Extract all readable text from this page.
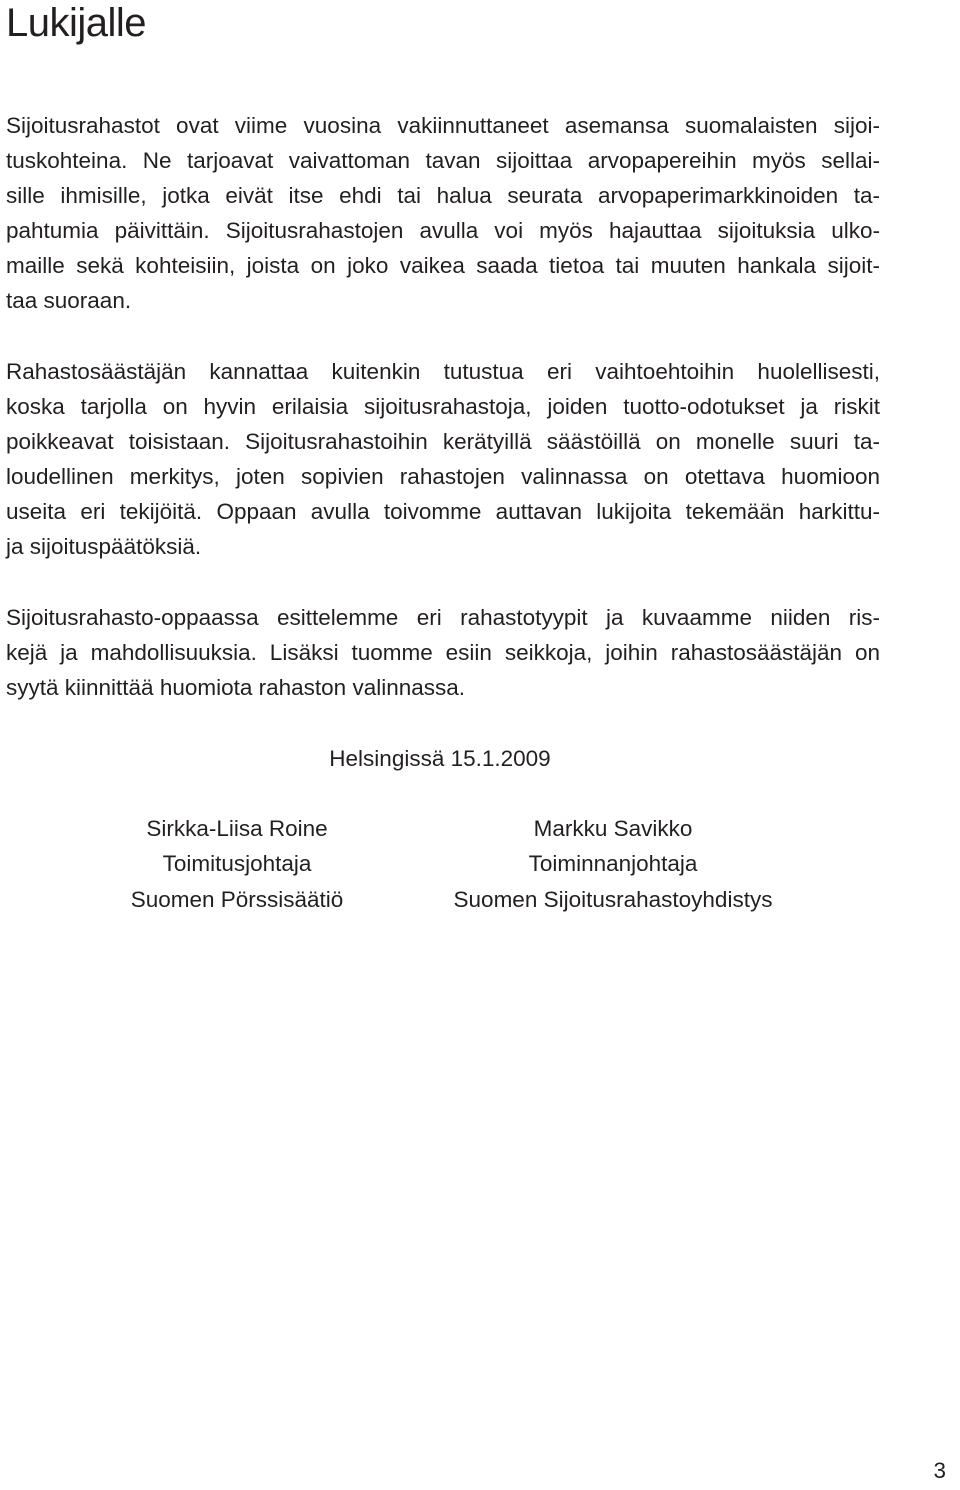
Lukijalle

Sijoitusrahastot ovat viime vuosina vakiinnuttaneet asemansa suomalaisten sijoi-

tuskohteina. Ne tarjoavat vaivattoman tavan sijoittaa arvopapereihin myös sellai-

sille ihmisille, jotka eivät itse ehdi tai halua seurata arvopaperimarkkinoiden ta-

pahtumia päivittäin. Sijoitusrahastojen avulla voi myös hajauttaa sijoituksia ulko-

maille sekä kohteisiin, joista on joko vaikea saada tietoa tai muuten hankala sijoit-

taa suoraan.

Rahastosäästäjän kannattaa kuitenkin tutustua eri vaihtoehtoihin huolellisesti,

koska tarjolla on hyvin erilaisia sijoitusrahastoja, joiden tuotto-odotukset ja riskit

poikkeavat toisistaan. Sijoitusrahastoihin kerätyillä säästöillä on monelle suuri ta-

loudellinen merkitys, joten sopivien rahastojen valinnassa on otettava huomioon

useita eri tekijöitä. Oppaan avulla toivomme auttavan lukijoita tekemään harkittu-

ja sijoituspäätöksiä.

Sijoitusrahasto-oppaassa esittelemme eri rahastotyypit ja kuvaamme niiden ris-

kejä ja mahdollisuuksia. Lisäksi tuomme esiin seikkoja, joihin rahastosäästäjän on

syytä kiinnittää huomiota rahaston valinnassa.

Helsingissä 15.1.2009

Sirkka-Liisa Roine

Toimitusjohtaja

Suomen Pörssisäätiö

Markku Savikko

Toiminnanjohtaja

Suomen Sijoitusrahastoyhdistys

3
